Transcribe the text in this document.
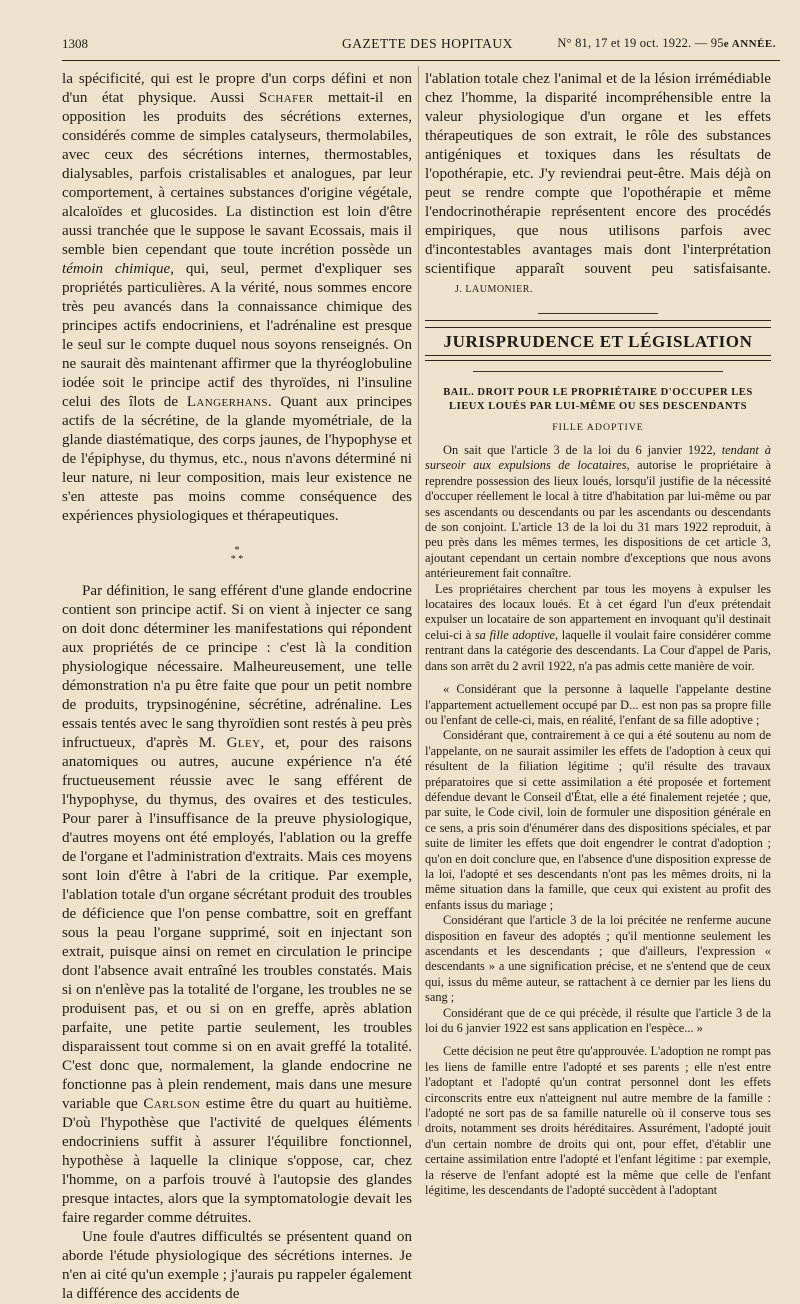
1308	GAZETTE DES HOPITAUX	N° 81, 17 et 19 oct. 1922. — 95e ANNÉE.

la spécificité, qui est le propre d'un corps défini et non d'un état physique. Aussi Schafer mettait-il en opposition les produits des sécrétions externes, considérés comme de simples catalyseurs, thermolabiles, avec ceux des sécrétions internes, thermostables, dialysables, parfois cristalisables et analogues, par leur comportement, à certaines substances d'origine végétale, alcaloïdes et glucosides. La distinction est loin d'être aussi tranchée que le suppose le savant Ecossais, mais il semble bien cependant que toute incrétion possède un témoin chimique, qui, seul, permet d'expliquer ses propriétés particulières. A la vérité, nous sommes encore très peu avancés dans la connaissance chimique des principes actifs endocriniens, et l'adrénaline est presque le seul sur le compte duquel nous soyons renseignés. On ne saurait dès maintenant affirmer que la thyréoglobuline iodée soit le principe actif des thyroïdes, ni l'insuline celui des îlots de Langerhans. Quant aux principes actifs de la sécrétine, de la glande myométriale, de la glande diastématique, des corps jaunes, de l'hypophyse et de l'épiphyse, du thymus, etc., nous n'avons déterminé ni leur nature, ni leur composition, mais leur existence ne s'en atteste pas moins comme conséquence des expériences physiologiques et thérapeutiques.

*
* *

Par définition, le sang efférent d'une glande endocrine contient son principe actif. Si on vient à injecter ce sang on doit donc déterminer les manifestations qui répondent aux propriétés de ce principe : c'est là la condition physiologique nécessaire. Malheureusement, une telle démonstration n'a pu être faite que pour un petit nombre de produits, trypsinogénine, sécrétine, adrénaline. Les essais tentés avec le sang thyroïdien sont restés à peu près infructueux, d'après M. Gley, et, pour des raisons anatomiques ou autres, aucune expérience n'a été fructueusement réussie avec le sang efférent de l'hypophyse, du thymus, des ovaires et des testicules. Pour parer à l'insuffisance de la preuve physiologique, d'autres moyens ont été employés, l'ablation ou la greffe de l'organe et l'administration d'extraits. Mais ces moyens sont loin d'être à l'abri de la critique. Par exemple, l'ablation totale d'un organe sécrétant produit des troubles de déficience que l'on pense combattre, soit en greffant sous la peau l'organe supprimé, soit en injectant son extrait, puisque ainsi on remet en circulation le principe dont l'absence avait entraîné les troubles constatés. Mais si on n'enlève pas la totalité de l'organe, les troubles ne se produisent pas, et ou si on en greffe, après ablation parfaite, une petite partie seulement, les troubles disparaissent tout comme si on en avait greffé la totalité. C'est donc que, normalement, la glande endocrine ne fonctionne pas à plein rendement, mais dans une mesure variable que Carlson estime être du quart au huitième. D'où l'hypothèse que l'activité de quelques éléments endocriniens suffit à assurer l'équilibre fonctionnel, hypothèse à laquelle la clinique s'oppose, car, chez l'homme, on a parfois trouvé à l'autopsie des glandes presque intactes, alors que la symptomatologie devait les faire regarder comme détruites.

Une foule d'autres difficultés se présentent quand on aborde l'étude physiologique des sécrétions internes. Je n'en ai cité qu'un exemple ; j'aurais pu rappeler également la différence des accidents de

l'ablation totale chez l'animal et de la lésion irrémédiable chez l'homme, la disparité incompréhensible entre la valeur physiologique d'un organe et les effets thérapeutiques de son extrait, le rôle des substances antigéniques et toxiques dans les résultats de l'opothérapie, etc. J'y reviendrai peut-être. Mais déjà on peut se rendre compte que l'opothérapie et même l'endocrinothérapie représentent encore des procédés empiriques, que nous utilisons parfois avec d'incontestables avantages mais dont l'interprétation scientifique apparaît souvent peu satisfaisante.J. LAUMONIER.

JURISPRUDENCE ET LÉGISLATION
BAIL. DROIT POUR LE PROPRIÉTAIRE D'OCCUPER LES LIEUX LOUÉS PAR LUI-MÊME OU SES DESCENDANTS
FILLE ADOPTIVE

On sait que l'article 3 de la loi du 6 janvier 1922, tendant à surseoir aux expulsions de locataires, autorise le propriétaire à reprendre possession des lieux loués, lorsqu'il justifie de la nécessité d'occuper réellement le local à titre d'habitation par lui-même ou par ses ascendants ou descendants ou par les ascendants ou descendants de son conjoint. L'article 13 de la loi du 31 mars 1922 reproduit, à peu près dans les mêmes termes, les dispositions de cet article 3, ajoutant cependant un certain nombre d'exceptions que nous avons antérieurement fait connaître.

Les propriétaires cherchent par tous les moyens à expulser les locataires des locaux loués. Et à cet égard l'un d'eux prétendait expulser un locataire de son appartement en invoquant qu'il destinait celui-ci à sa fille adoptive, laquelle il voulait faire considérer comme rentrant dans la catégorie des descendants. La Cour d'appel de Paris, dans son arrêt du 2 avril 1922, n'a pas admis cette manière de voir.

« Considérant que la personne à laquelle l'appelante destine l'appartement actuellement occupé par D... est non pas sa propre fille ou l'enfant de celle-ci, mais, en réalité, l'enfant de sa fille adoptive ;

Considérant que, contrairement à ce qui a été soutenu au nom de l'appelante, on ne saurait assimiler les effets de l'adoption à ceux qui résultent de la filiation légitime ; qu'il résulte des travaux préparatoires que si cette assimilation a été proposée et fortement défendue devant le Conseil d'État, elle a été finalement rejetée ; que, par suite, le Code civil, loin de formuler une disposition générale en ce sens, a pris soin d'énumérer dans des dispositions spéciales, et par suite de limiter les effets que doit engendrer le contrat d'adoption ; qu'on en doit conclure que, en l'absence d'une disposition expresse de la loi, l'adopté et ses descendants n'ont pas les mêmes droits, ni la même situation dans la famille, que ceux qui existent au profit des enfants issus du mariage ;

Considérant que l'article 3 de la loi précitée ne renferme aucune disposition en faveur des adoptés ; qu'il mentionne seulement les ascendants et les descendants ; que d'ailleurs, l'expression « descendants » a une signification précise, et ne s'entend que de ceux qui, issus du même auteur, se rattachent à ce dernier par les liens du sang ;

Considérant que de ce qui précède, il résulte que l'article 3 de la loi du 6 janvier 1922 est sans application en l'espèce... »

Cette décision ne peut être qu'approuvée. L'adoption ne rompt pas les liens de famille entre l'adopté et ses parents ; elle n'est entre l'adoptant et l'adopté qu'un contrat personnel dont les effets circonscrits entre eux n'atteignent nul autre membre de la famille : l'adopté ne sort pas de sa famille naturelle où il conserve tous ses droits, notamment ses droits héréditaires. Assurément, l'adopté jouit d'un certain nombre de droits qui ont, pour effet, d'établir une certaine assimilation entre l'adopté et l'enfant légitime : par exemple, la réserve de l'enfant adopté est la même que celle de l'enfant légitime, les descendants de l'adopté succèdent à l'adoptant
